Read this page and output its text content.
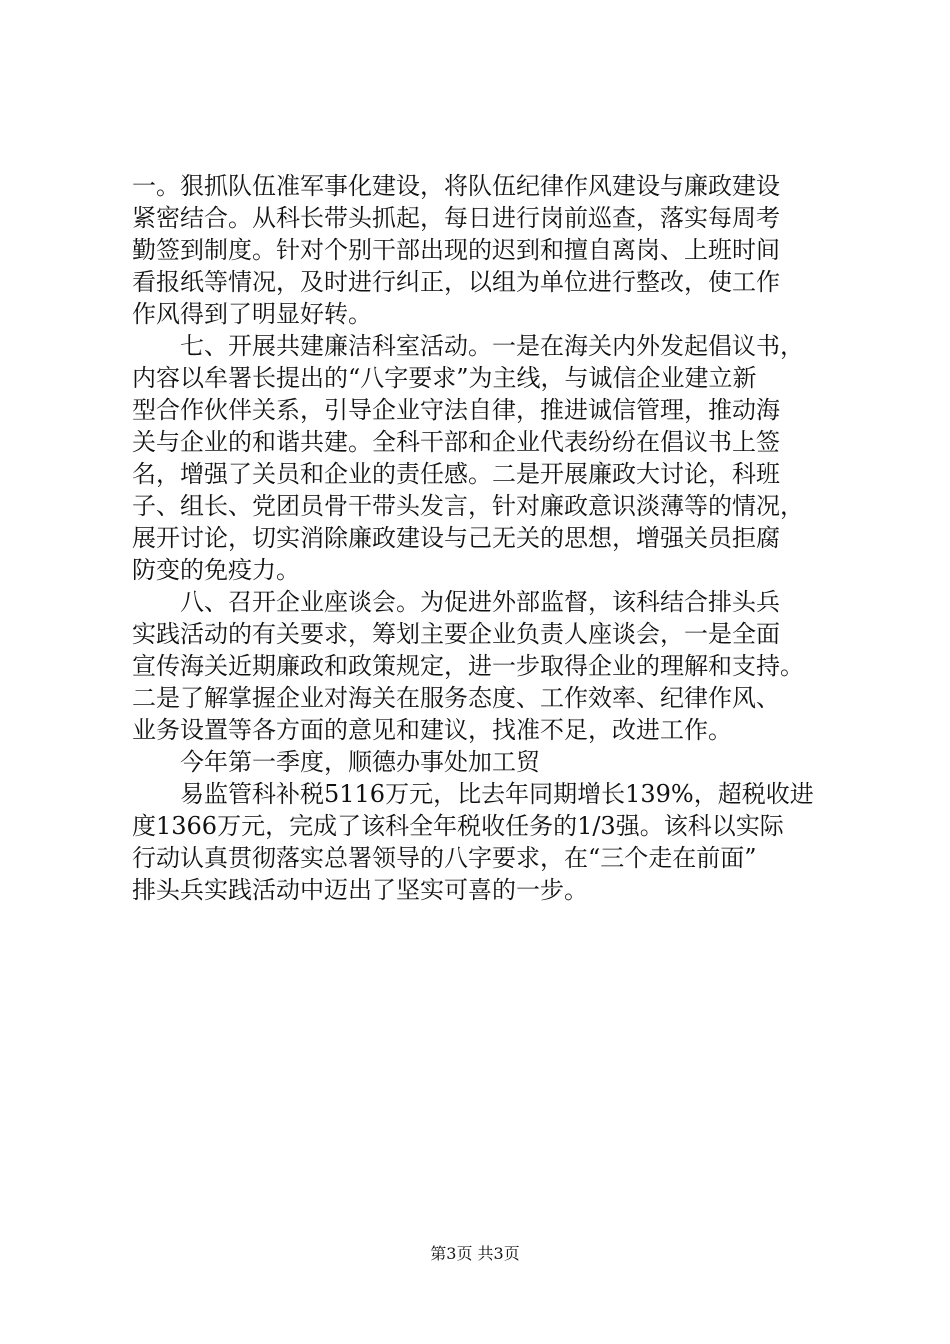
一。狠抓队伍准军事化建设，将队伍纪律作风建设与廉政建设
紧密结合。从科长带头抓起，每日进行岗前巡查，落实每周考
勤签到制度。针对个别干部出现的迟到和擅自离岗、上班时间
看报纸等情况，及时进行纠正，以组为单位进行整改，使工作
作风得到了明显好转。
七、开展共建廉洁科室活动。一是在海关内外发起倡议书，
内容以牟署长提出的“八字要求”为主线，与诚信企业建立新
型合作伙伴关系，引导企业守法自律，推进诚信管理，推动海
关与企业的和谐共建。全科干部和企业代表纷纷在倡议书上签
名，增强了关员和企业的责任感。二是开展廉政大讨论，科班
子、组长、党团员骨干带头发言，针对廉政意识淡薄等的情况，
展开讨论，切实消除廉政建设与己无关的思想，增强关员拒腐
防变的免疫力。
八、召开企业座谈会。为促进外部监督，该科结合排头兵
实践活动的有关要求，筹划主要企业负责人座谈会，一是全面
宣传海关近期廉政和政策规定，进一步取得企业的理解和支持。
二是了解掌握企业对海关在服务态度、工作效率、纪律作风、
业务设置等各方面的意见和建议，找准不足，改进工作。
今年第一季度，顺德办事处加工贸
易监管科补税5116万元，比去年同期增长139%，超税收进
度1366万元，完成了该科全年税收任务的1/3强。该科以实际
行动认真贯彻落实总署领导的八字要求，在“三个走在前面”
排头兵实践活动中迈出了坚实可喜的一步。
第3页 共3页
